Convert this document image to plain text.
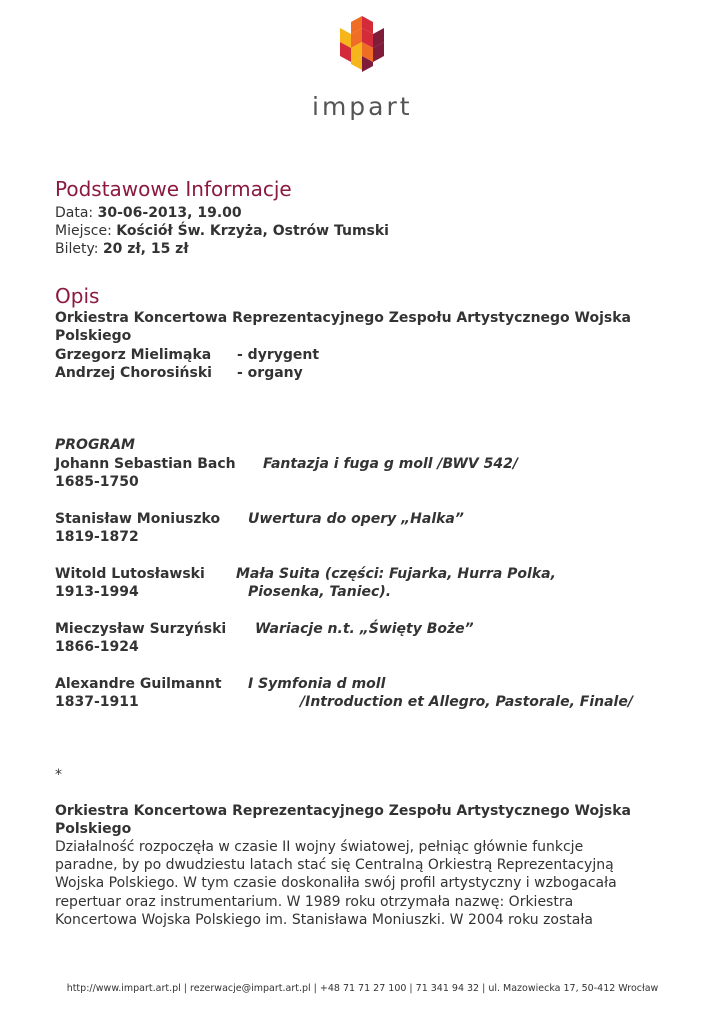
impart
Podstawowe Informacje
Data: 30-06-2013, 19.00
Miejsce: Kościół Św. Krzyża, Ostrów Tumski
Bilety: 20 zł, 15 zł
Opis
Orkiestra Koncertowa Reprezentacyjnego Zespołu Artystycznego Wojska
Polskiego
Grzegorz Mielimąka - dyrygent
Andrzej Chorosiński - organy
PROGRAM
Johann Sebastian Bach Fantazja i fuga g moll /BWV 542/
1685-1750
Stanisław Moniuszko Uwertura do opery „Halka”
1819-1872
Witold Lutosławski Mała Suita (części: Fujarka, Hurra Polka,
1913-1994	Piosenka, Taniec).
Mieczysław Surzyński Wariacje n.t. „Święty Boże”
1866-1924
Alexandre Guilmannt I Symfonia d moll
1837-1911	/Introduction et Allegro, Pastorale, Finale/
*
Orkiestra Koncertowa Reprezentacyjnego Zespołu Artystycznego Wojska
Polskiego
Działalność rozpoczęła w czasie II wojny światowej, pełniąc głównie funkcje
paradne, by po dwudziestu latach stać się Centralną Orkiestrą Reprezentacyjną
Wojska Polskiego. W tym czasie doskonaliła swój profil artystyczny i wzbogacała
repertuar oraz instrumentarium. W 1989 roku otrzymała nazwę: Orkiestra
Koncertowa Wojska Polskiego im. Stanisława Moniuszki. W 2004 roku została
http://www.impart.art.pl | rezerwacje@impart.art.pl | +48 71 71 27 100 | 71 341 94 32 | ul. Mazowiecka 17, 50-412 Wrocław
